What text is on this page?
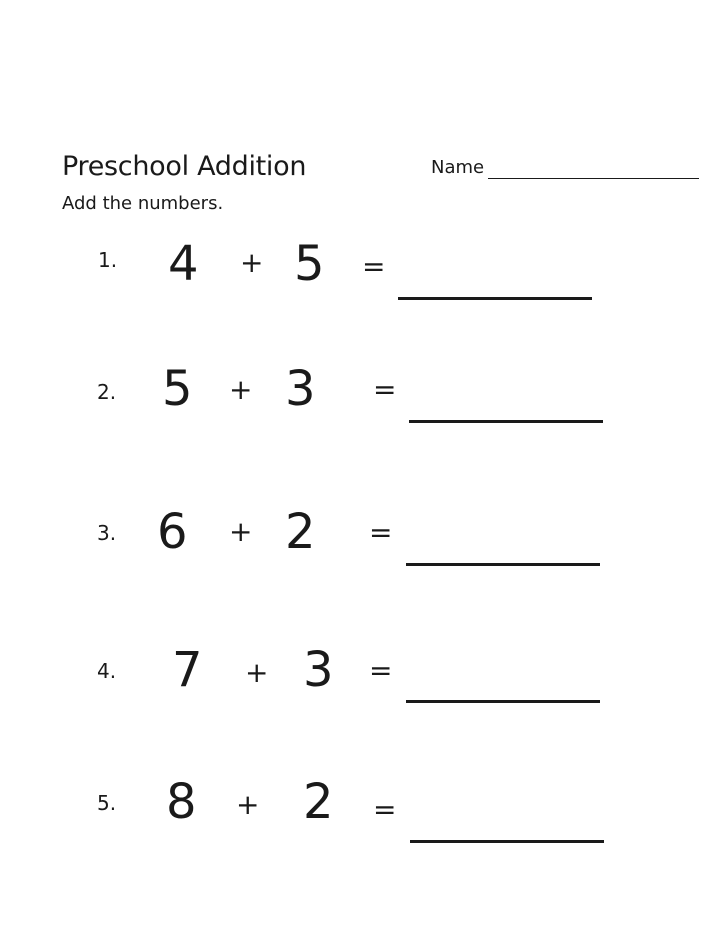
Preschool Addition	Name
Add the numbers.
1. 4 + 5 =
2. 5 + 3 =
3. 6 + 2 =
4. 7 + 3 =
5. 8 + 2 =
